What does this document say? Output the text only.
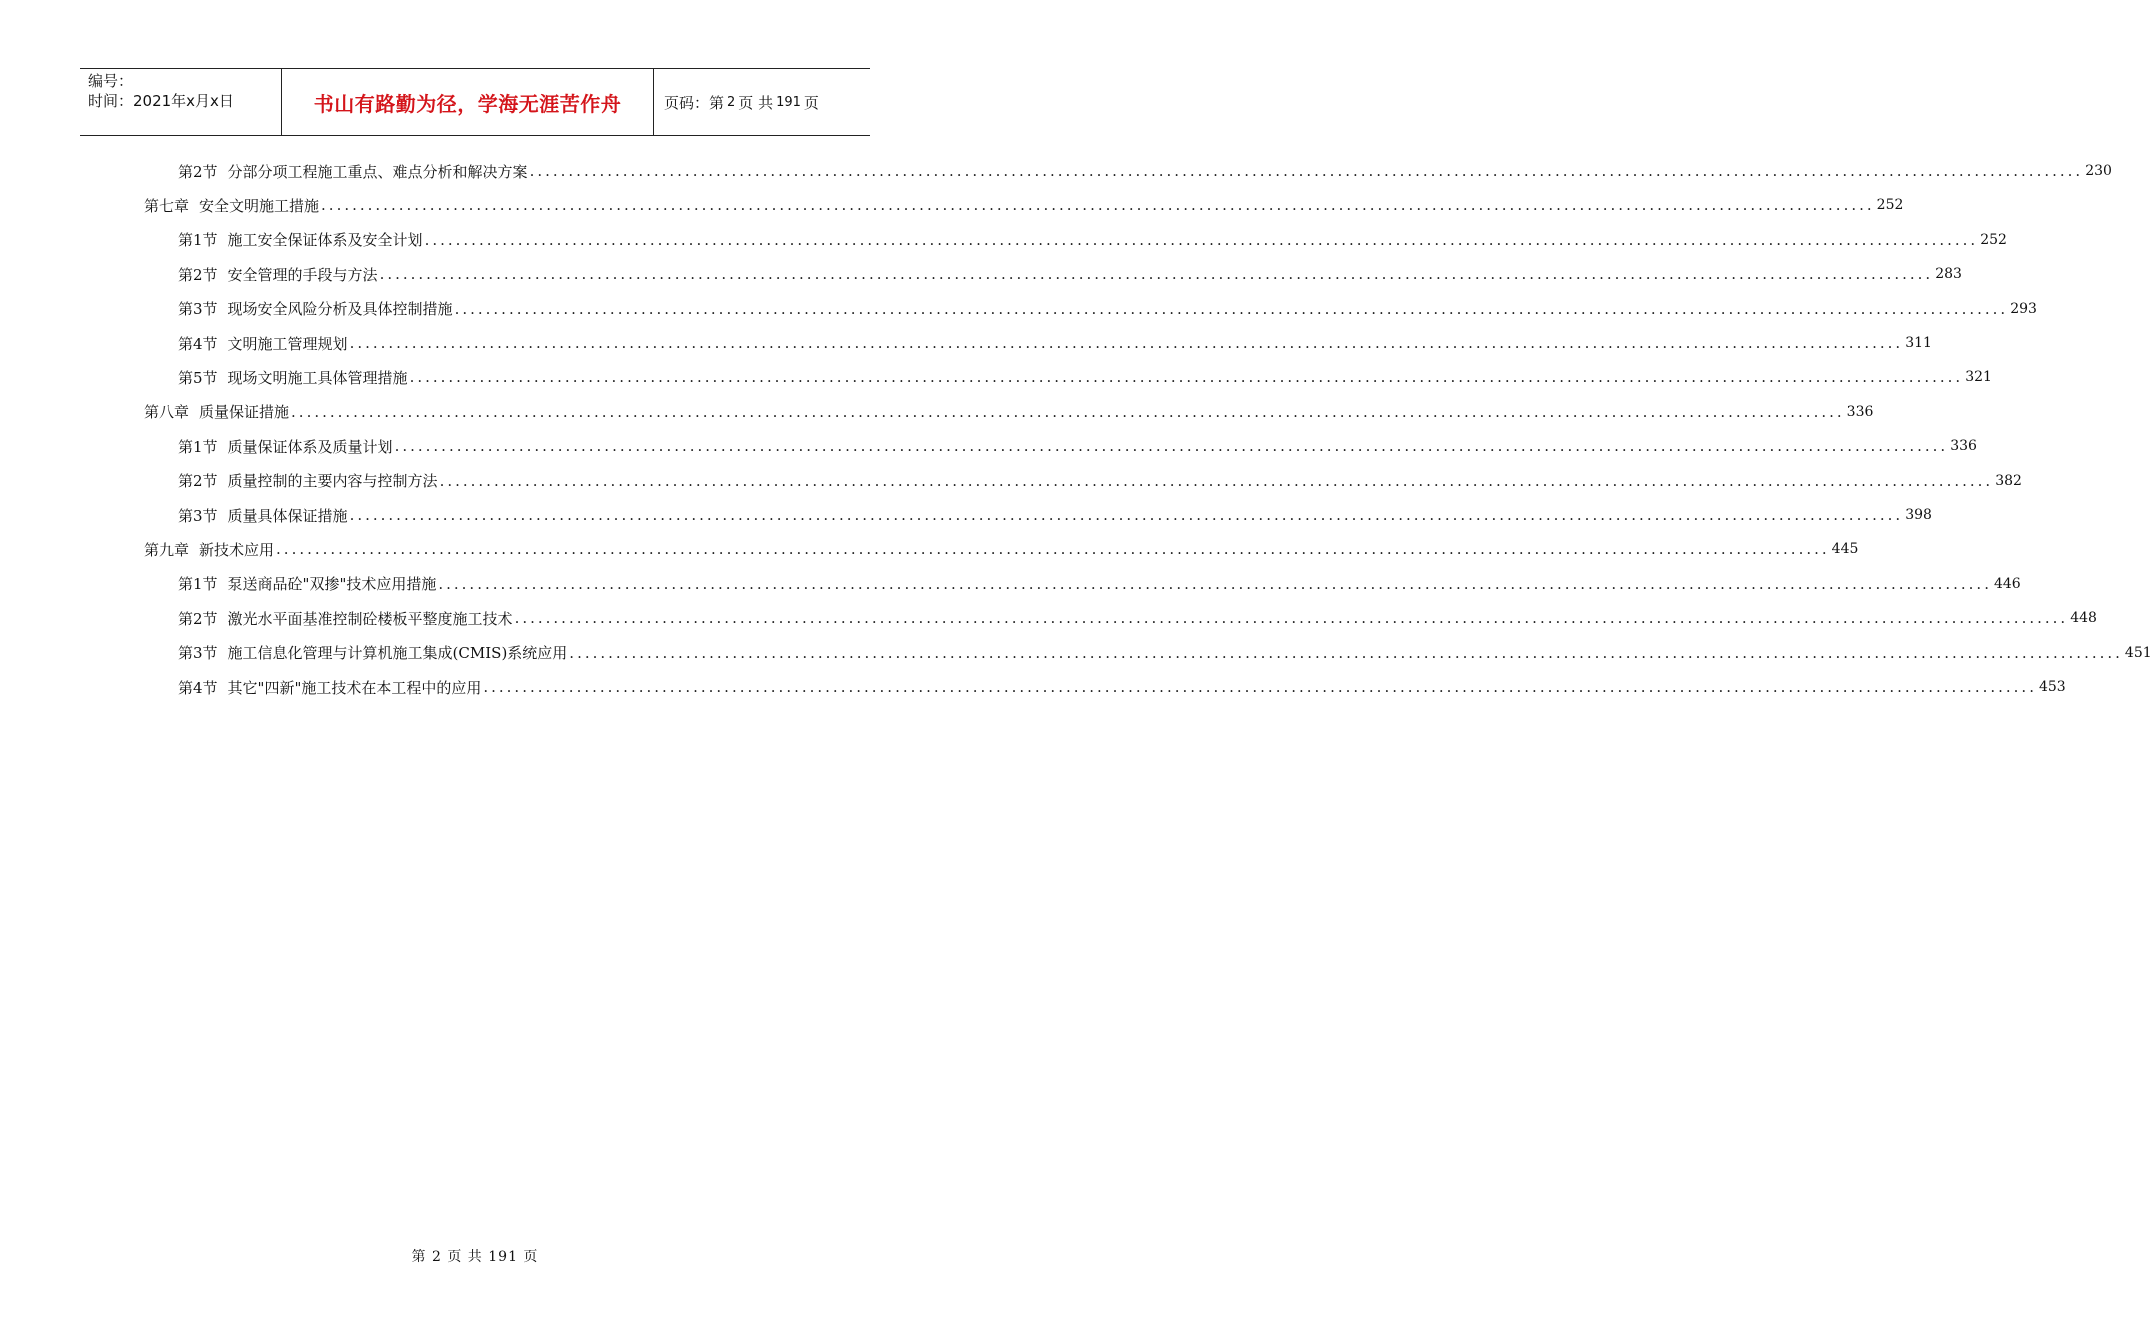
编号：
时间：2021年x月x日	书山有路勤为径，学海无涯苦作舟	页码：第 2 页 共 191 页
第2节 分部分项工程施工重点、难点分析和解决方案 ........................................................................................................................................................................................................ 230
第七章 安全文明施工措施 ........................................................................................................................................................................................................ 252
第1节 施工安全保证体系及安全计划 ........................................................................................................................................................................................................ 252
第2节 安全管理的手段与方法 ........................................................................................................................................................................................................ 283
第3节 现场安全风险分析及具体控制措施 ........................................................................................................................................................................................................ 293
第4节 文明施工管理规划 ........................................................................................................................................................................................................ 311
第5节 现场文明施工具体管理措施 ........................................................................................................................................................................................................ 321
第八章 质量保证措施 ........................................................................................................................................................................................................ 336
第1节 质量保证体系及质量计划 ........................................................................................................................................................................................................ 336
第2节 质量控制的主要内容与控制方法 ........................................................................................................................................................................................................ 382
第3节 质量具体保证措施 ........................................................................................................................................................................................................ 398
第九章 新技术应用 ........................................................................................................................................................................................................ 445
第1节 泵送商品砼"双掺"技术应用措施 ........................................................................................................................................................................................................ 446
第2节 激光水平面基准控制砼楼板平整度施工技术 ........................................................................................................................................................................................................ 448
第3节 施工信息化管理与计算机施工集成(CMIS)系统应用 ........................................................................................................................................................................................................ 451
第4节 其它"四新"施工技术在本工程中的应用 ........................................................................................................................................................................................................ 453
第 2 页 共 191 页
